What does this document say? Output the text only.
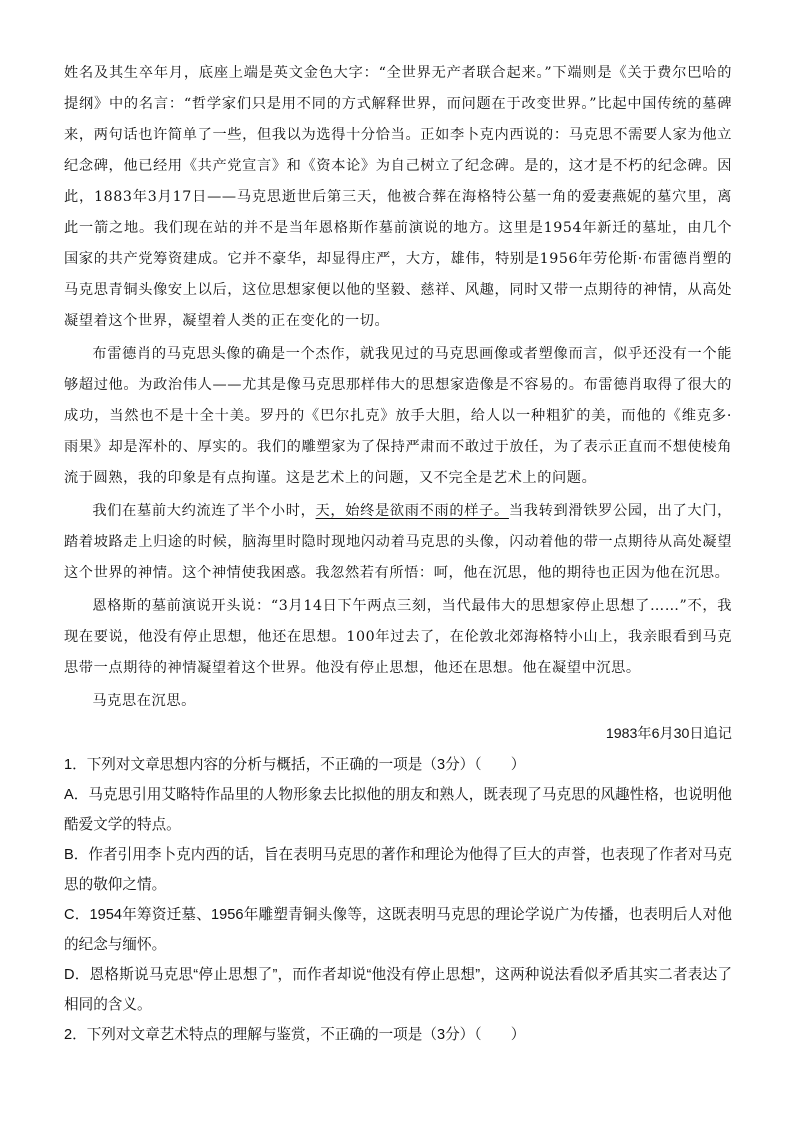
姓名及其生卒年月，底座上端是英文金色大字：“全世界无产者联合起来。”下端则是《关于费尔巴哈的提纲》中的名言：“哲学家们只是用不同的方式解释世界，而问题在于改变世界。”比起中国传统的墓碑来，两句话也许简单了一些，但我以为选得十分恰当。正如李卜克内西说的：马克思不需要人家为他立纪念碑，他已经用《共产党宣言》和《资本论》为自己树立了纪念碑。是的，这才是不朽的纪念碑。因此，1883年3月17日——马克思逝世后第三天，他被合葬在海格特公墓一角的爱妻燕妮的墓穴里，离此一箭之地。我们现在站的并不是当年恩格斯作墓前演说的地方。这里是1954年新迁的墓址，由几个国家的共产党筹资建成。它并不豪华，却显得庄严，大方，雄伟，特别是1956年劳伦斯·布雷德肖塑的马克思青铜头像安上以后，这位思想家便以他的坚毅、慈祥、风趣，同时又带一点期待的神情，从高处凝望着这个世界，凝望着人类的正在变化的一切。

布雷德肖的马克思头像的确是一个杰作，就我见过的马克思画像或者塑像而言，似乎还没有一个能够超过他。为政治伟人——尤其是像马克思那样伟大的思想家造像是不容易的。布雷德肖取得了很大的成功，当然也不是十全十美。罗丹的《巴尔扎克》放手大胆，给人以一种粗犷的美，而他的《维克多·雨果》却是浑朴的、厚实的。我们的雕塑家为了保持严肃而不敢过于放任，为了表示正直而不想使棱角流于圆熟，我的印象是有点拘谨。这是艺术上的问题，又不完全是艺术上的问题。

我们在墓前大约流连了半个小时，天，始终是欲雨不雨的样子。当我转到滑铁罗公园，出了大门，踏着坡路走上归途的时候，脑海里时隐时现地闪动着马克思的头像，闪动着他的带一点期待从高处凝望这个世界的神情。这个神情使我困惑。我忽然若有所悟：呵，他在沉思，他的期待也正因为他在沉思。

恩格斯的墓前演说开头说：“3月14日下午两点三刻，当代最伟大的思想家停止思想了……”不，我现在要说，他没有停止思想，他还在思想。100年过去了，在伦敦北郊海格特小山上，我亲眼看到马克思带一点期待的神情凝望着这个世界。他没有停止思想，他还在思想。他在凝望中沉思。

马克思在沉思。

1983年6月30日追记

1．下列对文章思想内容的分析与概括，不正确的一项是（3分）（　　）

A．马克思引用艾略特作品里的人物形象去比拟他的朋友和熟人，既表现了马克思的风趣性格，也说明他酷爱文学的特点。

B．作者引用李卜克内西的话，旨在表明马克思的著作和理论为他得了巨大的声誉，也表现了作者对马克思的敬仰之情。

C．1954年筹资迁墓、1956年雕塑青铜头像等，这既表明马克思的理论学说广为传播，也表明后人对他的纪念与缅怀。

D．恩格斯说马克思“停止思想了”，而作者却说“他没有停止思想”，这两种说法看似矛盾其实二者表达了相同的含义。

2．下列对文章艺术特点的理解与鉴赏，不正确的一项是（3分）（　　）
